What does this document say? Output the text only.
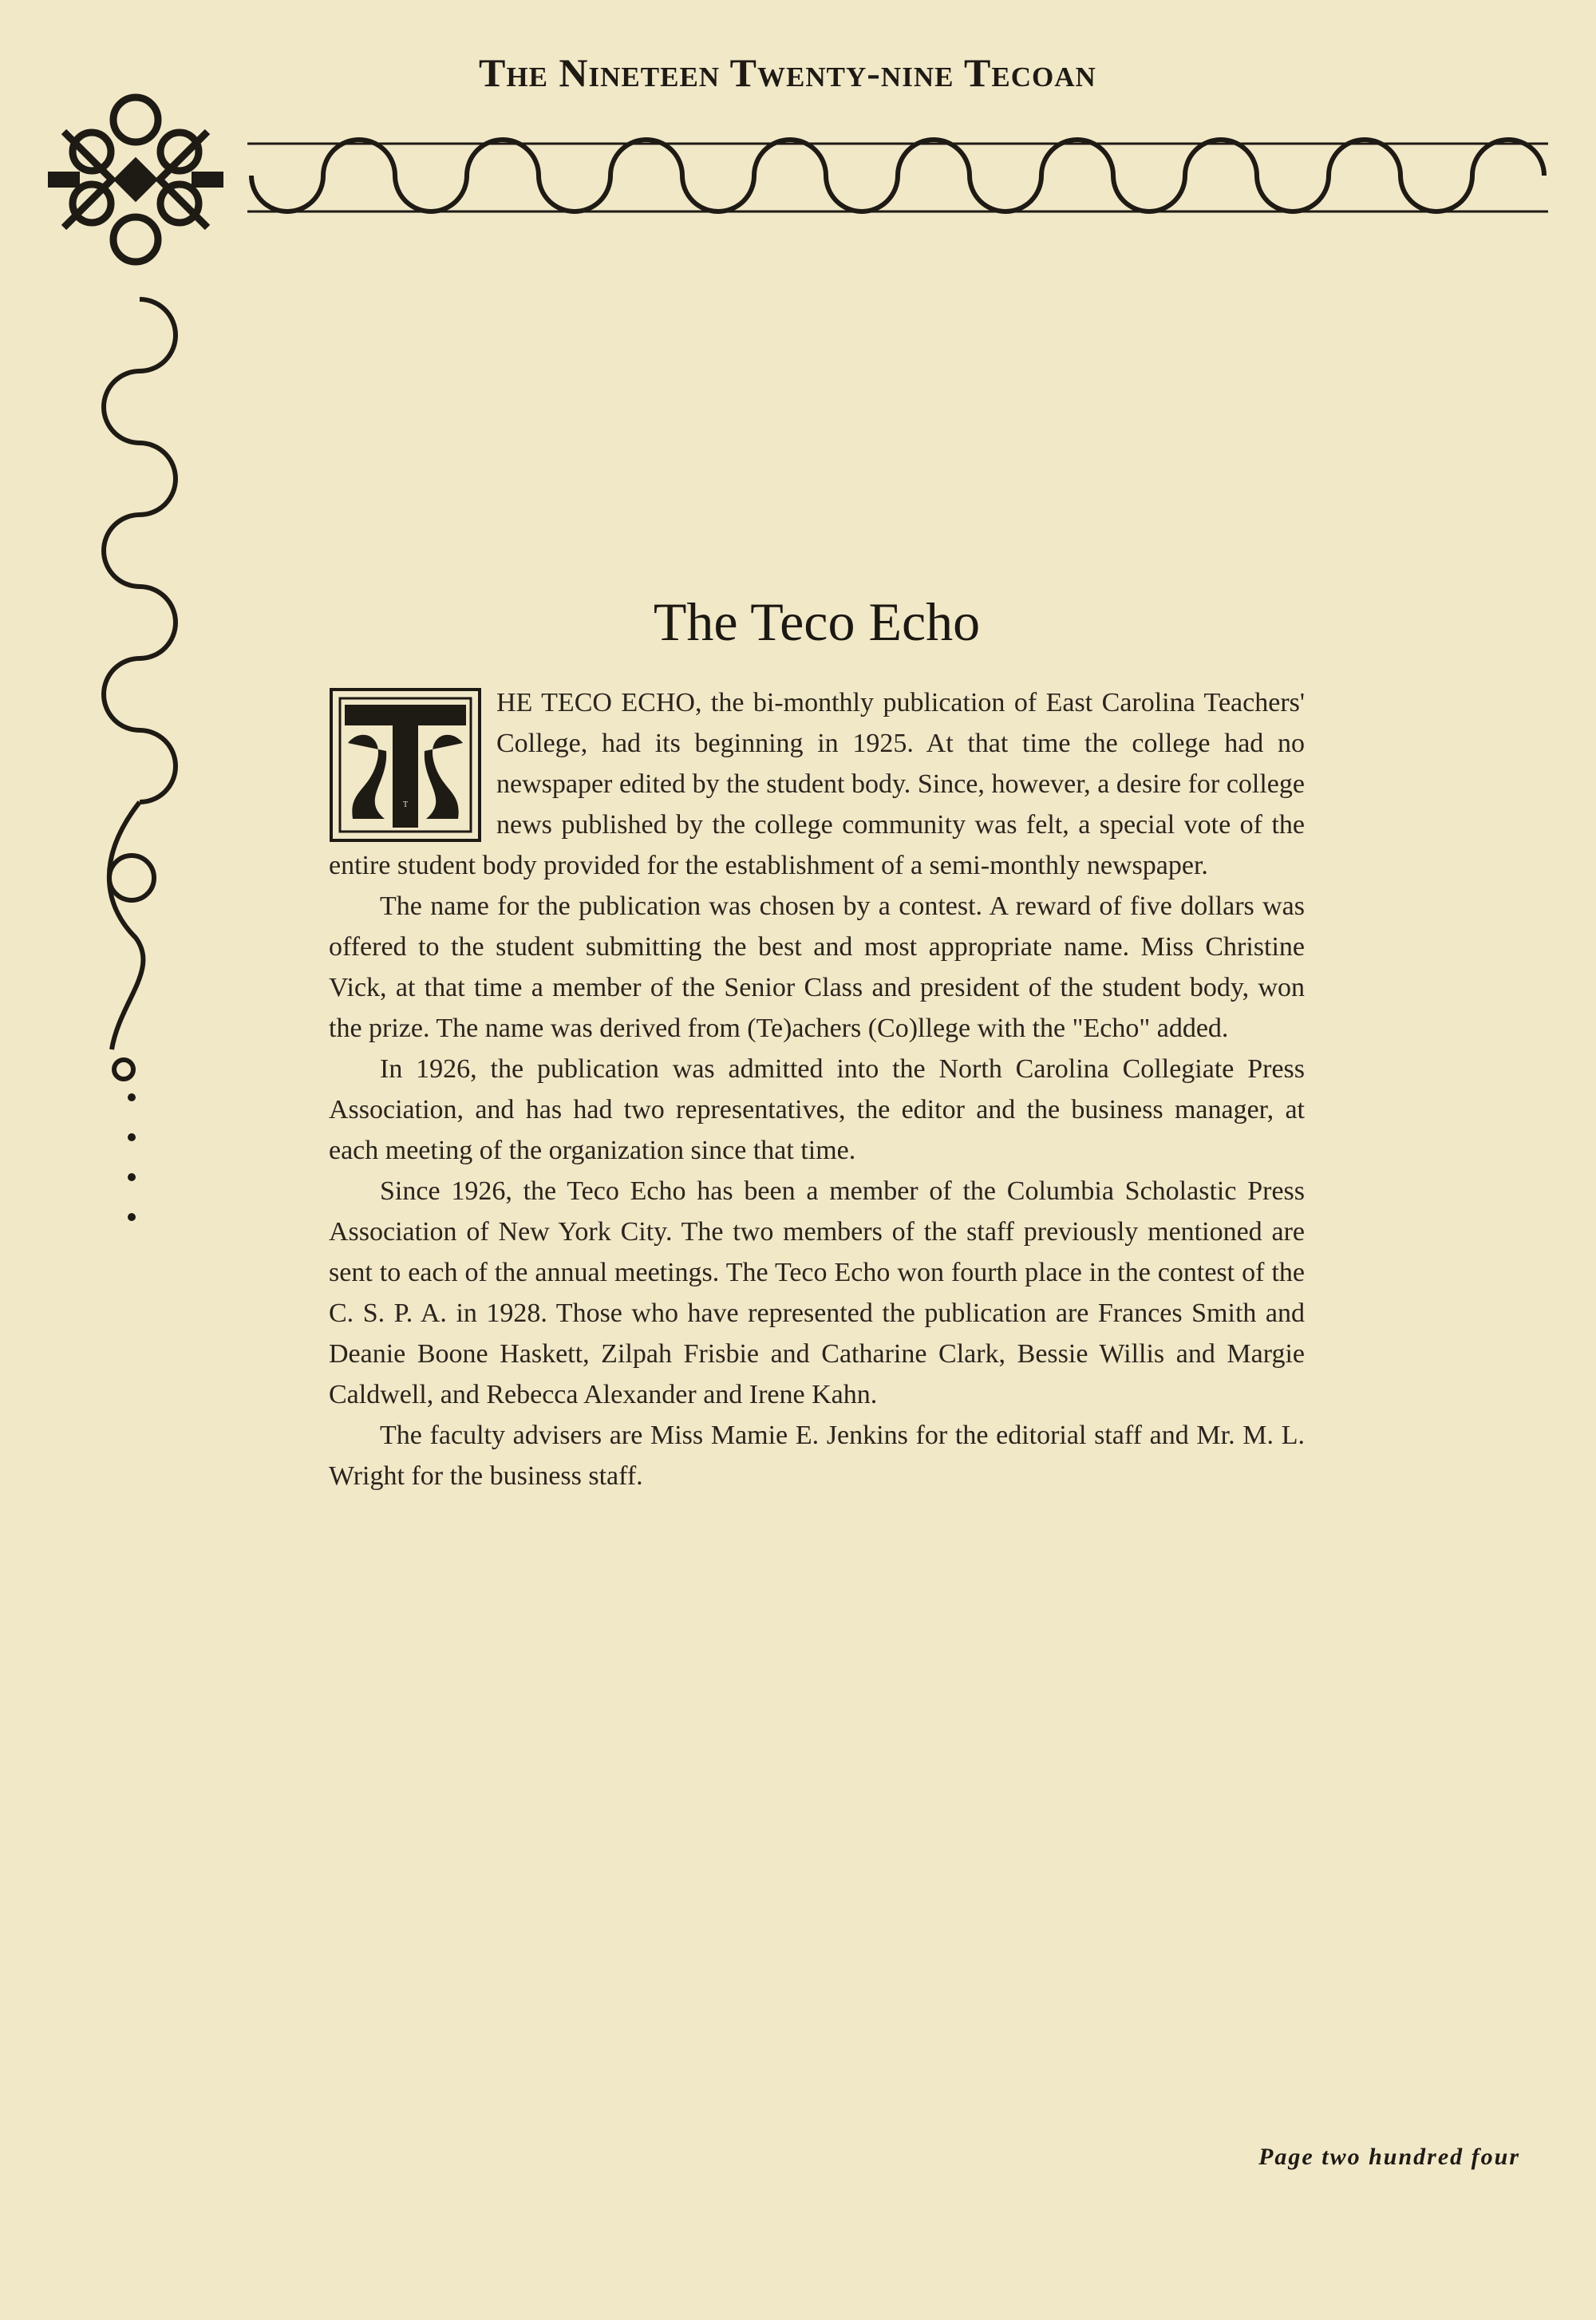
The Nineteen Twenty-nine Tecoan
The Teco Echo

T
HE TECO ECHO, the bi-monthly publication of East Carolina Teachers' College, had its beginning in 1925. At that time the college had no newspaper edited by the student body. Since, however, a desire for college news published by the college community was felt, a special vote of the entire student body provided for the establishment of a semi-monthly newspaper.

The name for the publication was chosen by a contest. A reward of five dollars was offered to the student submitting the best and most appropriate name. Miss Christine Vick, at that time a member of the Senior Class and president of the student body, won the prize. The name was derived from (Te)achers (Co)llege with the "Echo" added.

In 1926, the publication was admitted into the North Carolina Collegiate Press Association, and has had two representatives, the editor and the business manager, at each meeting of the organization since that time.

Since 1926, the Teco Echo has been a member of the Columbia Scholastic Press Association of New York City. The two members of the staff previously mentioned are sent to each of the annual meetings. The Teco Echo won fourth place in the contest of the C. S. P. A. in 1928. Those who have represented the publication are Frances Smith and Deanie Boone Haskett, Zilpah Frisbie and Catharine Clark, Bessie Willis and Margie Caldwell, and Rebecca Alexander and Irene Kahn.

The faculty advisers are Miss Mamie E. Jenkins for the editorial staff and Mr. M. L. Wright for the business staff.

Page two hundred four
